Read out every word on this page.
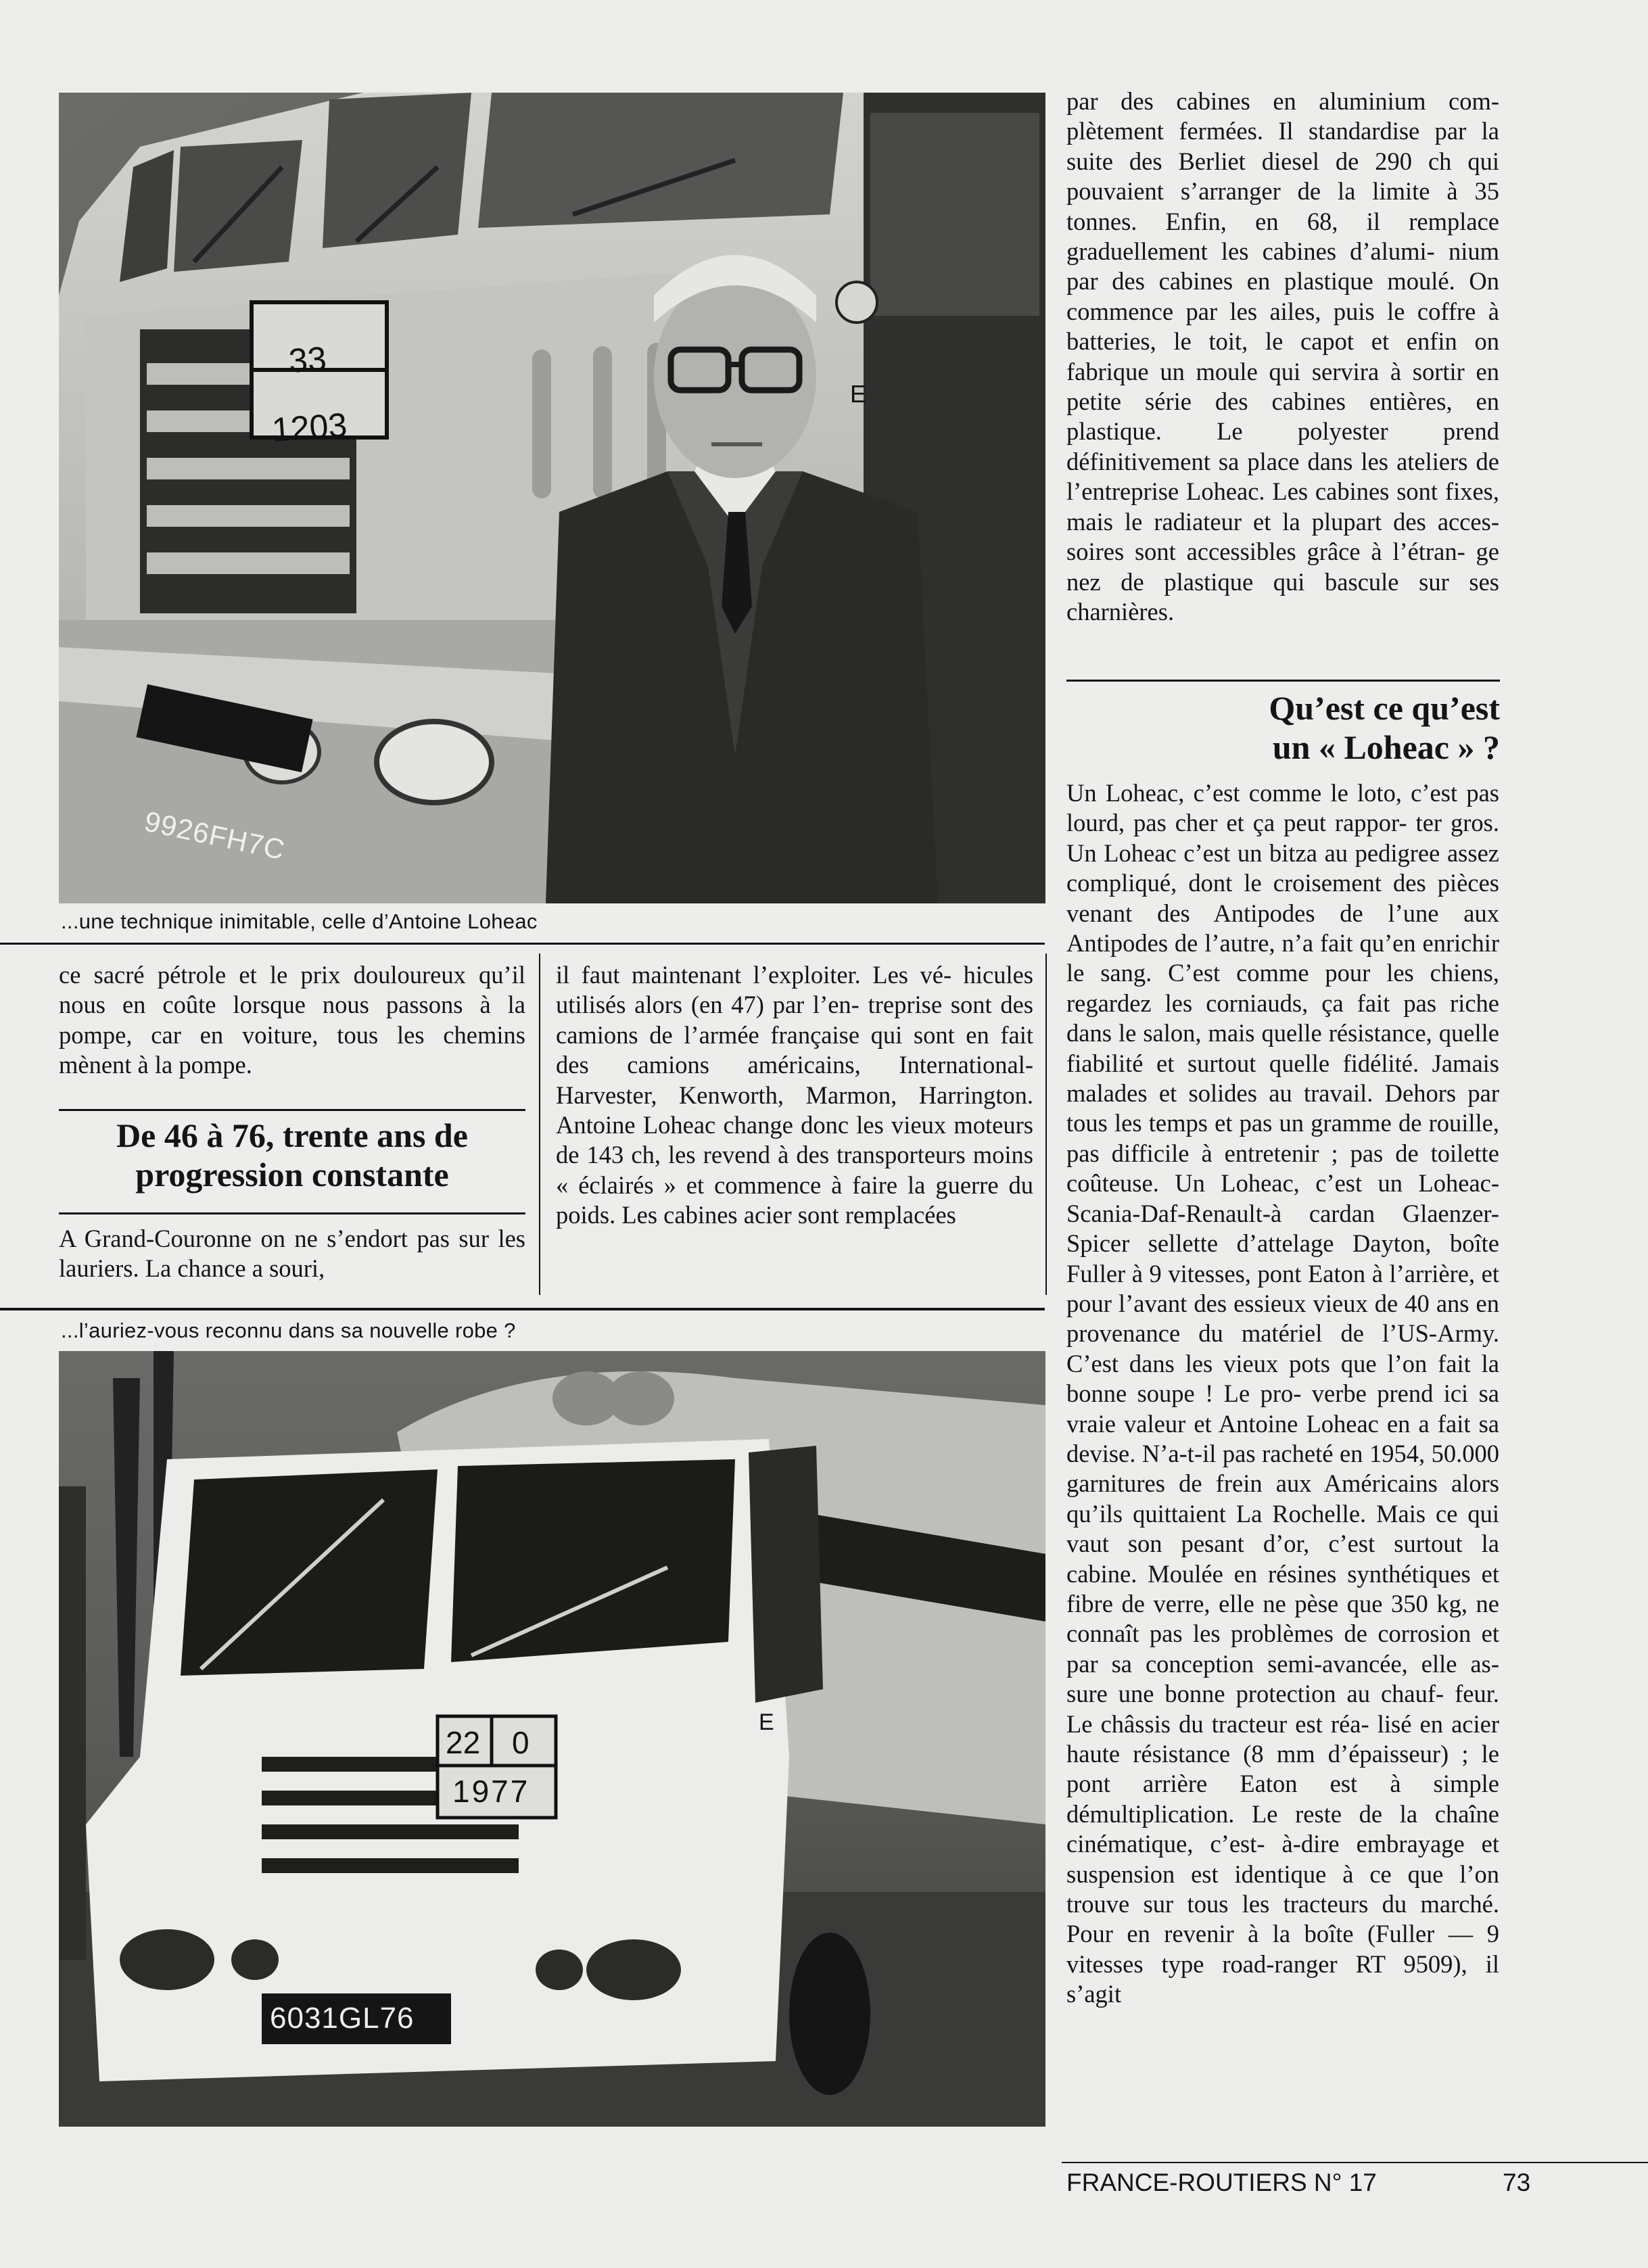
33
1203
9926FH7C
E
...une technique inimitable, celle d’Antoine Loheac

par des cabines en aluminium com- plètement fermées. Il standardise par la suite des Berliet diesel de 290 ch qui pouvaient s’arranger de la limite à 35 tonnes. Enfin, en 68, il remplace graduellement les cabines d’alumi- nium par des cabines en plastique moulé. On commence par les ailes, puis le coffre à batteries, le toit, le capot et enfin on fabrique un moule qui servira à sortir en petite série des cabines entières, en plastique. Le polyester prend définitivement sa place dans les ateliers de l’entreprise Loheac. Les cabines sont fixes, mais le radiateur et la plupart des acces- soires sont accessibles grâce à l’étran- ge nez de plastique qui bascule sur ses charnières.

Qu’est ce qu’est
un « Loheac » ?

Un Loheac, c’est comme le loto, c’est pas lourd, pas cher et ça peut rappor- ter gros. Un Loheac c’est un bitza au pedigree assez compliqué, dont le croisement des pièces venant des Antipodes de l’une aux Antipodes de l’autre, n’a fait qu’en enrichir le sang. C’est comme pour les chiens, regardez les corniauds, ça fait pas riche dans le salon, mais quelle résistance, quelle fiabilité et surtout quelle fidélité. Jamais malades et solides au travail. Dehors par tous les temps et pas un gramme de rouille, pas difficile à entretenir ; pas de toilette coûteuse. Un Loheac, c’est un Loheac-Scania-Daf-Renault-à cardan Glaenzer-Spicer sellette d’attelage Dayton, boîte Fuller à 9 vitesses, pont Eaton à l’arrière, et pour l’avant des essieux vieux de 40 ans en provenance du matériel de l’US-Army. C’est dans les vieux pots que l’on fait la bonne soupe ! Le pro- verbe prend ici sa vraie valeur et Antoine Loheac en a fait sa devise. N’a-t-il pas racheté en 1954, 50.000 garnitures de frein aux Américains alors qu’ils quittaient La Rochelle. Mais ce qui vaut son pesant d’or, c’est surtout la cabine. Moulée en résines synthétiques et fibre de verre, elle ne pèse que 350 kg, ne connaît pas les problèmes de corrosion et par sa conception semi-avancée, elle as- sure une bonne protection au chauf- feur. Le châssis du tracteur est réa- lisé en acier haute résistance (8 mm d’épaisseur) ; le pont arrière Eaton est à simple démultiplication. Le reste de la chaîne cinématique, c’est- à-dire embrayage et suspension est identique à ce que l’on trouve sur tous les tracteurs du marché. Pour en revenir à la boîte (Fuller — 9 vitesses type road-ranger RT 9509), il s’agit

ce sacré pétrole et le prix douloureux qu’il nous en coûte lorsque nous passons à la pompe, car en voiture, tous les chemins mènent à la pompe.

De 46 à 76, trente ans de progression constante

A Grand-Couronne on ne s’endort pas sur les lauriers. La chance a souri,

il faut maintenant l’exploiter. Les vé- hicules utilisés alors (en 47) par l’en- treprise sont des camions de l’armée française qui sont en fait des camions américains, International-Harvester, Kenworth, Marmon, Harrington. Antoine Loheac change donc les vieux moteurs de 143 ch, les revend à des transporteurs moins « éclairés » et commence à faire la guerre du poids. Les cabines acier sont remplacées

...l’auriez-vous reconnu dans sa nouvelle robe ?
22 0
1977
6031GL76
E
FRANCE-ROUTIERS N° 17	73
